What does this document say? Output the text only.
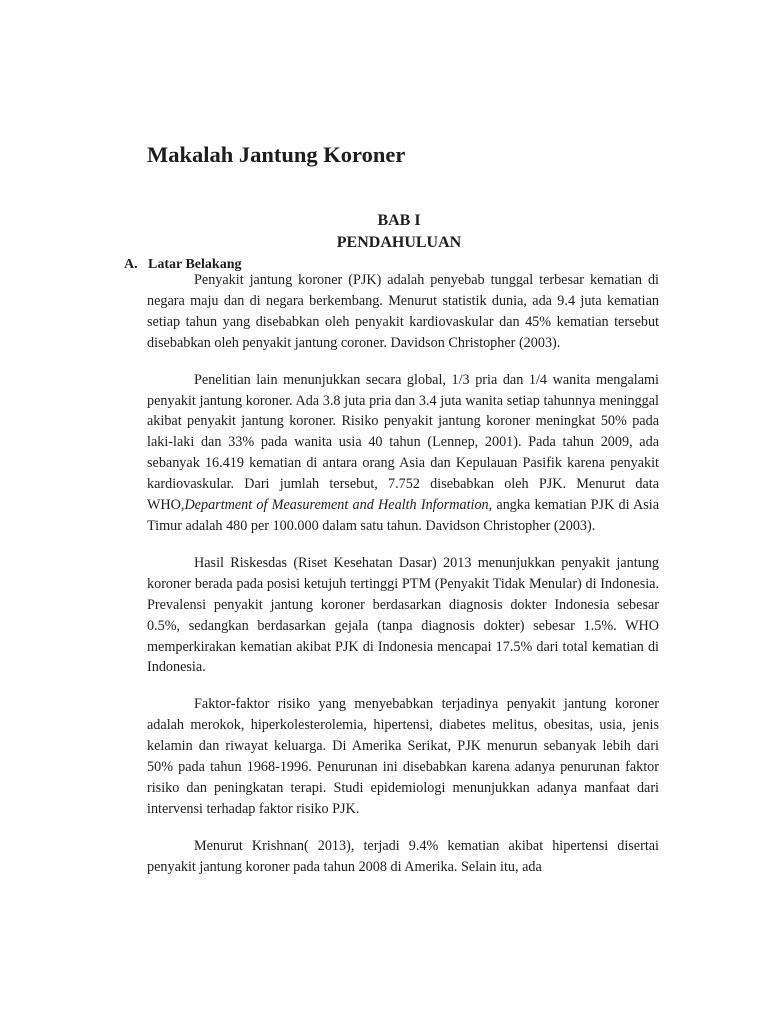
Makalah Jantung Koroner
BAB I
PENDAHULUAN
A. Latar Belakang

Penyakit jantung koroner (PJK) adalah penyebab tunggal terbesar kematian di negara maju dan di negara berkembang. Menurut statistik dunia, ada 9.4 juta kematian setiap tahun yang disebabkan oleh penyakit kardiovaskular dan 45% kematian tersebut disebabkan oleh penyakit jantung coroner. Davidson Christopher (2003).

Penelitian lain menunjukkan secara global, 1/3 pria dan 1/4 wanita mengalami penyakit jantung koroner. Ada 3.8 juta pria dan 3.4 juta wanita setiap tahunnya meninggal akibat penyakit jantung koroner. Risiko penyakit jantung koroner meningkat 50% pada laki-laki dan 33% pada wanita usia 40 tahun (Lennep, 2001). Pada tahun 2009, ada sebanyak 16.419 kematian di antara orang Asia dan Kepulauan Pasifik karena penyakit kardiovaskular. Dari jumlah tersebut, 7.752 disebabkan oleh PJK. Menurut data WHO,Department of Measurement and Health Information, angka kematian PJK di Asia Timur adalah 480 per 100.000 dalam satu tahun. Davidson Christopher (2003).

Hasil Riskesdas (Riset Kesehatan Dasar) 2013 menunjukkan penyakit jantung koroner berada pada posisi ketujuh tertinggi PTM (Penyakit Tidak Menular) di Indonesia. Prevalensi penyakit jantung koroner berdasarkan diagnosis dokter Indonesia sebesar 0.5%, sedangkan berdasarkan gejala (tanpa diagnosis dokter) sebesar 1.5%. WHO memperkirakan kematian akibat PJK di Indonesia mencapai 17.5% dari total kematian di Indonesia.

Faktor-faktor risiko yang menyebabkan terjadinya penyakit jantung koroner adalah merokok, hiperkolesterolemia, hipertensi, diabetes melitus, obesitas, usia, jenis kelamin dan riwayat keluarga. Di Amerika Serikat, PJK menurun sebanyak lebih dari 50% pada tahun 1968-1996. Penurunan ini disebabkan karena adanya penurunan faktor risiko dan peningkatan terapi. Studi epidemiologi menunjukkan adanya manfaat dari intervensi terhadap faktor risiko PJK.

Menurut Krishnan( 2013), terjadi 9.4% kematian akibat hipertensi disertai penyakit jantung koroner pada tahun 2008 di Amerika. Selain itu, ada
